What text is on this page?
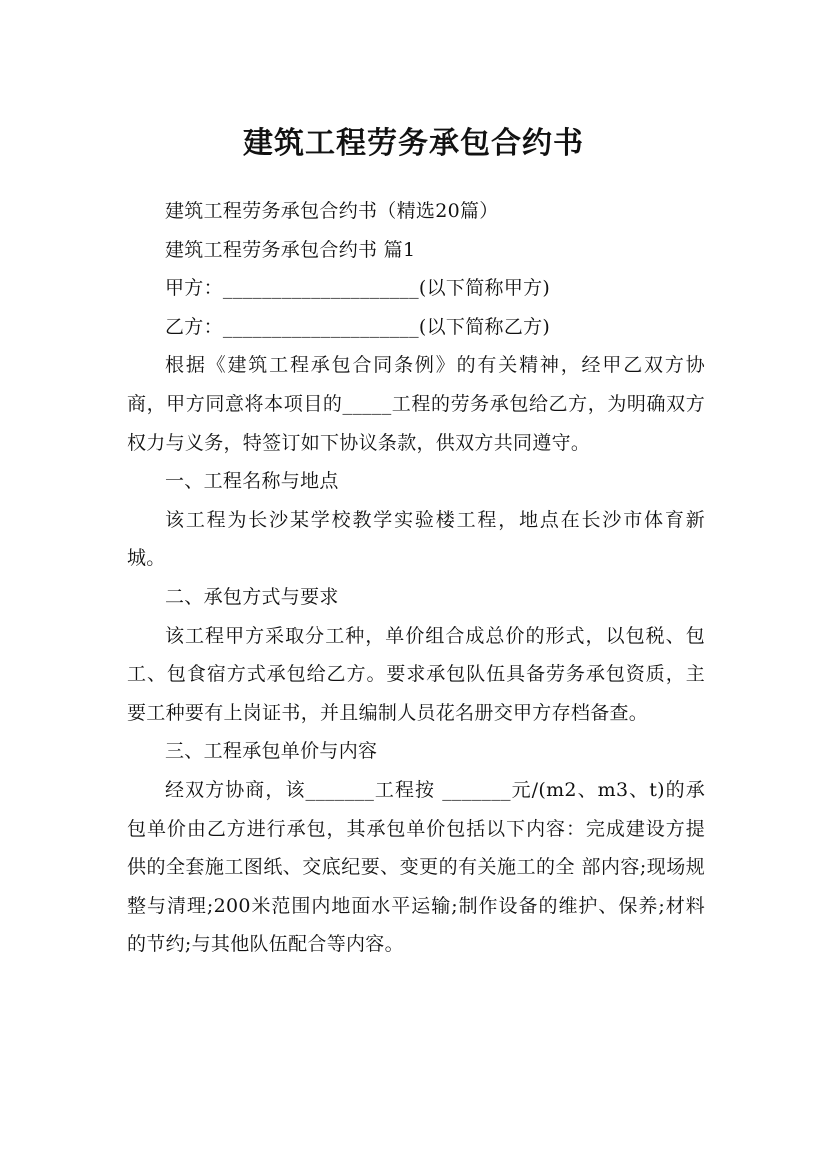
建筑工程劳务承包合约书

建筑工程劳务承包合约书（精选20篇）

建筑工程劳务承包合约书 篇1

甲方：____________________(以下简称甲方)

乙方：____________________(以下简称乙方)

根据《建筑工程承包合同条例》的有关精神，经甲乙双方协商，甲方同意将本项目的_____工程的劳务承包给乙方，为明确双方权力与义务，特签订如下协议条款，供双方共同遵守。

一、工程名称与地点

该工程为长沙某学校教学实验楼工程，地点在长沙市体育新城。

二、承包方式与要求

该工程甲方采取分工种，单价组合成总价的形式，以包税、包工、包食宿方式承包给乙方。要求承包队伍具备劳务承包资质，主要工种要有上岗证书，并且编制人员花名册交甲方存档备查。

三、工程承包单价与内容

经双方协商，该_______工程按 _______元/(m2、m3、t)的承包单价由乙方进行承包，其承包单价包括以下内容：完成建设方提供的全套施工图纸、交底纪要、变更的有关施工的全 部内容;现场规整与清理;200米范围内地面水平运输;制作设备的维护、保养;材料的节约;与其他队伍配合等内容。
